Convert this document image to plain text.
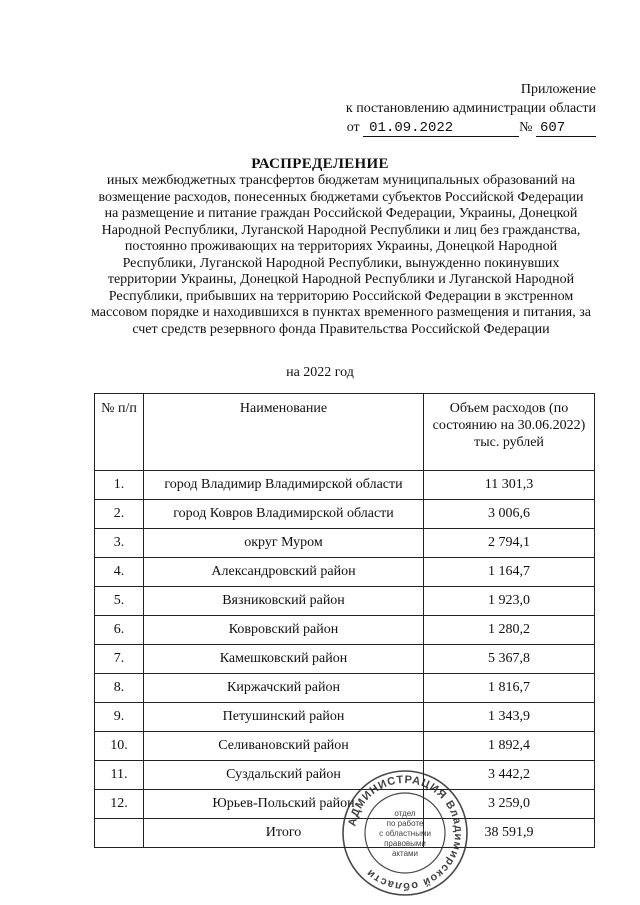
Приложение
к постановлению администрации области
от 01.09.2022	№ 607
РАСПРЕДЕЛЕНИЕ
иных межбюджетных трансфертов бюджетам муниципальных образований на возмещение расходов, понесенных бюджетами субъектов Российской Федерации на размещение и питание граждан Российской Федерации, Украины, Донецкой Народной Республики, Луганской Народной Республики и лиц без гражданства, постоянно проживающих на территориях Украины, Донецкой Народной Республики, Луганской Народной Республики, вынужденно покинувших территории Украины, Донецкой Народной Республики и Луганской Народной Республики, прибывших на территорию Российской Федерации в экстренном массовом порядке и находившихся в пунктах временного размещения и питания, за счет средств резервного фонда Правительства Российской Федерации
на 2022 год
№ п/п	Наименование	Объем расходов (по состоянию на 30.06.2022) тыс. рублей
1.	город Владимир Владимирской области	11 301,3
2.	город Ковров Владимирской области	3 006,6
3.	округ Муром	2 794,1
4.	Александровский район	1 164,7
5.	Вязниковский район	1 923,0
6.	Ковровский район	1 280,2
7.	Камешковский район	5 367,8
8.	Киржачский район	1 816,7
9.	Петушинский район	1 343,9
10.	Селивановский район	1 892,4
11.	Суздальский район	3 442,2
12.	Юрьев-Польский район	3 259,0
	Итого	38 591,9
АДМИНИСТРАЦИЯ Владимирской области
отдел
по работе
с областными
правовыми
актами
